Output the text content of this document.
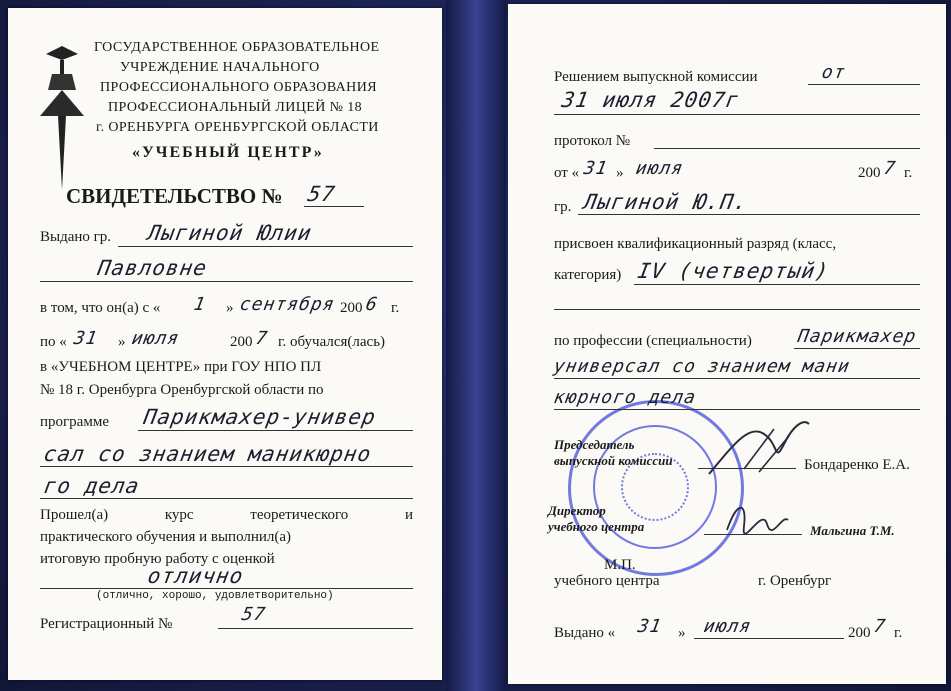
ГОСУДАРСТВЕННОЕ ОБРАЗОВАТЕЛЬНОЕ
УЧРЕЖДЕНИЕ НАЧАЛЬНОГО
ПРОФЕССИОНАЛЬНОГО ОБРАЗОВАНИЯ
ПРОФЕССИОНАЛЬНЫЙ ЛИЦЕЙ № 18
г. ОРЕНБУРГА ОРЕНБУРГСКОЙ ОБЛАСТИ
«УЧЕБНЫЙ ЦЕНТР»
СВИДЕТЕЛЬСТВО № 57
Выдано гр. Лыгиной Юлии
Павловне
в том, что он(а) с « 1 » сентября 200 6 г.
по « 31 » июля	200 7 г. обучался(лась)
в «УЧЕБНОМ ЦЕНТРЕ» при ГОУ НПО ПЛ
№ 18 г. Оренбурга Оренбургской области по
программе Парикмахер-универ
сал со знанием маникюрно
го дела
Прошел(а) курс теоретического и
практического обучения и выполнил(а)
итоговую пробную работу с оценкой
отлично
(отлично, хорошо, удовлетворительно)
Регистрационный №	57
Решением выпускной комиссии	от
31 июля 2007г
протокол №
от « 31 » июля	200 7 г.
гр. Лыгиной Ю.П.
присвоен квалификационный разряд (класс,
категория) IV (четвертый)
по профессии (специальности) Парикмахер
универсал со знанием мани
кюрного дела
Председатель
выпускной комиссии	Бондаренко Е.А.
Директор
учебного центра	Мальгина Т.М.
М.П.
учебного центра	г. Оренбург
Выдано « 31 » июля	200 7 г.
